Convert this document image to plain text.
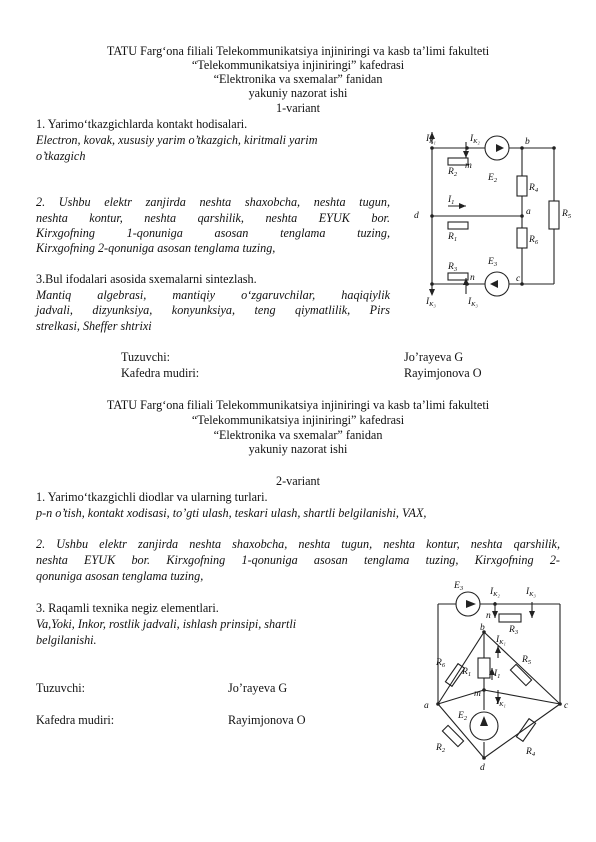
TATU Farg‘ona filiali Telekommunikatsiya injiniringi va kasb ta’limi fakulteti
“Telekommunikatsiya injiniringi” kafedrasi
“Elektronika va sxemalar” fanidan
yakuniy nazorat ishi
1-variant
1. Yarimo‘tkazgichlarda kontakt hodisalari.
Electron, kovak, xususiy yarim o’tkazgich, kiritmali yarim
o’tkazgich
2. Ushbu elektr zanjirda neshta shaxobcha, neshta tugun,
neshta kontur, neshta qarshilik, neshta EYUK bor.
Kirxgofning 1-qonuniga asosan tenglama tuzing,
Kirxgofning 2-qonuniga asosan tenglama tuzing,
3.Bul ifodalari asosida sxemalarni sintezlash.
Mantiq algebrasi, mantiqiy o‘zgaruvchilar, haqiqiylik
jadvali, dizyunksiya, konyunksiya, teng qiymatlilik, Pirs
strelkasi, Sheffer shtrixi
Tuzuvchi:	Jo’rayeva G
Kafedra mudiri:	Rayimjonova O
$I_{K_1}$	$I_{K_2}$
m
b
$R_2$	$E_2$
$R_4$
$R_5$
d	a
$I_1$
$R_1$	$R_6$
$R_3$
$E_3$
n	c
$I_{K_3}$	$I_{K_3}$
TATU Farg‘ona filiali Telekommunikatsiya injiniringi va kasb ta’limi fakulteti
“Telekommunikatsiya injiniringi” kafedrasi
“Elektronika va sxemalar” fanidan
yakuniy nazorat ishi
2-variant
1. Yarimo‘tkazgichli diodlar va ularning turlari.
p-n o’tish, kontakt xodisasi, to’gti ulash, teskari ulash, shartli belgilanishi, VAX,
2. Ushbu elektr zanjirda neshta shaxobcha, neshta tugun, neshta kontur, neshta qarshilik,
neshta EYUK bor. Kirxgofning 1-qonuniga asosan tenglama tuzing, Kirxgofning 2-
qonuniga asosan tenglama tuzing,
3. Raqamli texnika negiz elementlari.
Va,Yoki, Inkor, rostlik jadvali, ishlash prinsipi, shartli
belgilanishi.
Tuzuvchi:	Jo’rayeva G
Kafedra mudiri:	Rayimjonova O
$E_3$	$I_{K_2}$	$I_{K_3}$
b
n
$R_3$
$R_6$
$I_{K_1}$
$R_5$
$R_1$ $I_1$
a
m
$I_{K_1}$	c
$E_2$
$R_2$	$R_4$
d
